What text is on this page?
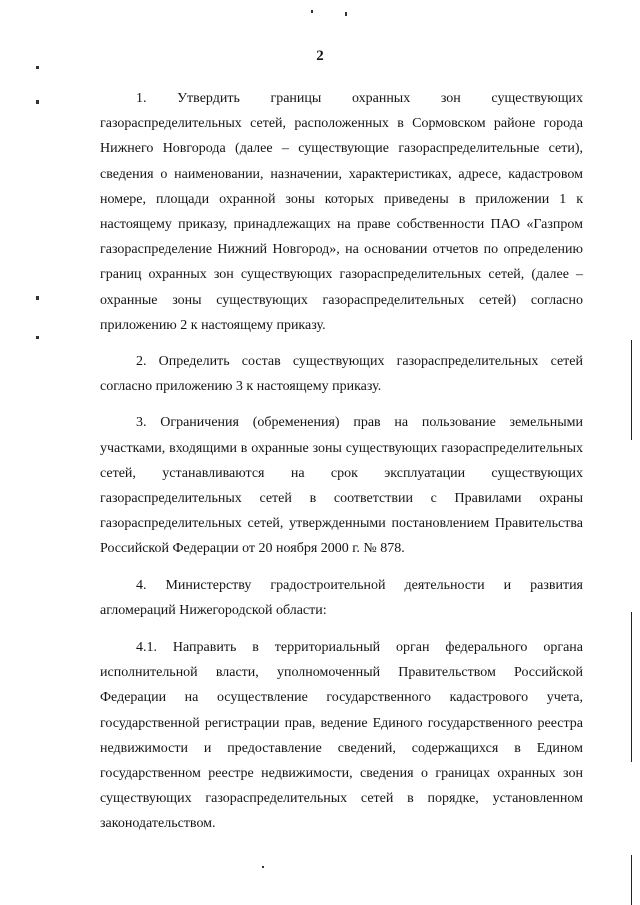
2

1. Утвердить границы охранных зон существующих газораспределительных сетей, расположенных в Сормовском районе города Нижнего Новгорода (далее – существующие газораспределительные сети), сведения о наименовании, назначении, характеристиках, адресе, кадастровом номере, площади охранной зоны которых приведены в приложении 1 к настоящему приказу, принадлежащих на праве собственности ПАО «Газпром газораспределение Нижний Новгород», на основании отчетов по определению границ охранных зон существующих газораспределительных сетей, (далее – охранные зоны существующих газораспределительных сетей) согласно приложению 2 к настоящему приказу.

2. Определить состав существующих газораспределительных сетей согласно приложению 3 к настоящему приказу.

3. Ограничения (обременения) прав на пользование земельными участками, входящими в охранные зоны существующих газораспределительных сетей, устанавливаются на срок эксплуатации существующих газораспределительных сетей в соответствии с Правилами охраны газораспределительных сетей, утвержденными постановлением Правительства Российской Федерации от 20 ноября 2000 г. № 878.

4. Министерству градостроительной деятельности и развития агломераций Нижегородской области:

4.1. Направить в территориальный орган федерального органа исполнительной власти, уполномоченный Правительством Российской Федерации на осуществление государственного кадастрового учета, государственной регистрации прав, ведение Единого государственного реестра недвижимости и предоставление сведений, содержащихся в Едином государственном реестре недвижимости, сведения о границах охранных зон существующих газораспределительных сетей в порядке, установленном законодательством.
